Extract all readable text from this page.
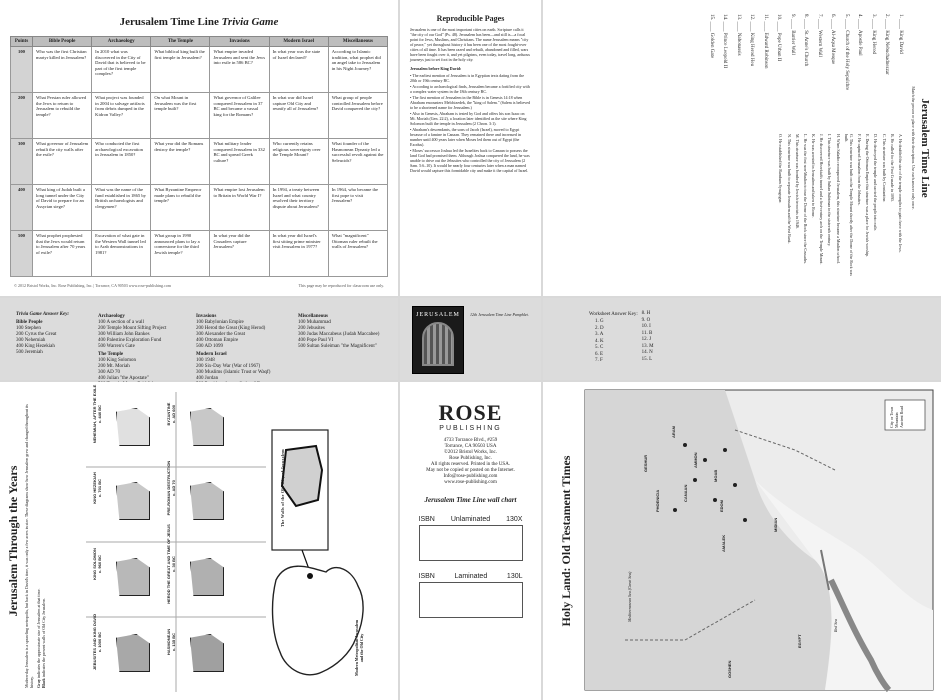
Jerusalem Time Line Trivia Game
Points	Bible People	Archaeology	The Temple	Invasions	Modern Israel	Miscellaneous
100	Who was the first Christian martyr killed in Jerusalem?	In 2010 what was discovered in the City of David that is believed to be part of the first temple complex?	What biblical king built the first temple in Jerusalem?	What empire invaded Jerusalem and sent the Jews into exile in 586 BC?	In what year was the state of Israel declared?	According to Islamic tradition, what prophet did an angel take to Jerusalem in his Night Journey?
200	What Persian ruler allowed the Jews to return to Jerusalem to rebuild the temple?	What project was founded in 2004 to salvage artifacts from debris dumped in the Kidron Valley?	On what Mount in Jerusalem was the first temple built?	What governor of Galilee conquered Jerusalem in 37 BC and became a vassal king for the Romans?	In what war did Israel capture Old City and reunify all of Jerusalem?	What group of people controlled Jerusalem before David conquered the city?
300	What governor of Jerusalem rebuilt the city walls after the exile?	Who conducted the first archaeological excavation in Jerusalem in 1850?	What year did the Romans destroy the temple?	What military leader conquered Jerusalem in 332 BC and spread Greek culture?	Who currently retains religious sovereignty over the Temple Mount?	What founder of the Hasmonean Dynasty led a successful revolt against the Seleucids?
400	What king of Judah built a long tunnel under the City of David to prepare for an Assyrian siege?	What was the name of the fund established in 1865 by British archaeologists and clergymen?	What Byzantine Emperor made plans to rebuild the temple?	What empire lost Jerusalem to Britain in World War I?	In 1994, a treaty between Israel and what country resolved their territory dispute about Jerusalem?	In 1964, who became the first pope to visit Jerusalem?
500	What prophet prophesied that the Jews would return to Jerusalem after 70 years of exile?	Excavation of what gate in the Western Wall tunnel led to Arab demonstrations in 1981?	What group in 1990 announced plans to lay a cornerstone for the third Jewish temple?	In what year did the Crusaders capture Jerusalem?	In what year did Israel's first sitting prime minister visit Jerusalem in 1977?	What "magnificent" Ottoman ruler rebuilt the walls of Jerusalem?
© 2012 Bristol Works, Inc. Rose Publishing, Inc. | Torrance, CA 90503 www.rose-publishing.com	This page may be reproduced for classroom use only.
Trivia Game Answer Key:
Bible People
100 Stephen
200 Cyrus the Great
300 Nehemiah
400 King Hezekiah
500 Jeremiah
Archaeology
100 A section of a wall
200 Temple Mount Sifting Project
300 William John Bankes
400 Palestine Exploration Fund
500 Warren's Gate
The Temple
100 King Solomon
200 Mt. Moriah
300 AD 70
400 Julian "the Apostate"
Invasions
100 Babylonian Empire
200 Herod the Great (King Herod)
300 Alexander the Great
400 Ottoman Empire
500 AD 1099
Modern Israel
100 1948
200 Six-Day War (War of 1967)
300 Muslims (Islamic Trust or Waqf)
400 Jordan
Miscellaneous
100 Muhammad
200 Jebusites
300 Judas Maccabeus (Judah Maccabee)
400 Pope Paul VI
500 Sultan Suleiman "the Magnificent"
Reproducible Pages

Jerusalem is one of the most important cities on earth. Scripture calls it "the city of our God" (Ps. 48). Jerusalem has been—and still is—a focal point for Jews, Muslims, and Christians. The name Jerusalem means "city of peace," yet throughout history it has been one of the most fought-over cities of all time. It has been razed and rebuilt, abandoned and filled, wars have been fought over it, and yet pilgrims, even today, travel long, arduous journeys just to set foot in the holy city.

Jerusalem before King David:

• The earliest mention of Jerusalem is in Egyptian texts dating from the 20th or 19th century BC.
• According to archaeological finds, Jerusalem became a fortified city with a complex water system in the 18th century BC.
• The first mention of Jerusalem in the Bible is in Genesis 14:18 when Abraham encounters Melchizedek, the "king of Salem." (Salem is believed to be a shortened name for Jerusalem.)
• Also in Genesis, Abraham is tested by God and offers his son Isaac on Mt. Moriah (Gen. 22:2), a location later identified as the site where King Solomon built the temple in Jerusalem (2 Chron. 3:1).
• Abraham's descendants, the sons of Jacob (Israel), moved to Egypt because of a famine in Canaan. They remained there and increased in number until 400 years later when Moses led them out of Egypt (the Exodus).
• Moses' successor Joshua led the Israelites back to Canaan to possess the land God had promised them. Although Joshua conquered the land, he was unable to drive out the Jebusites who controlled the city of Jerusalem (2 Sam. 5:6–10). It would be nearly four centuries later when a man named David would capture this formidable city and make it the capital of Israel.
JERUSALEM	12th Jerusalem Time Line Pamphlet.
Jerusalem Time Line

Match the person or place with their description. Use each answer only once.

1. ____ King David
2. ____ King Nebuchadnezzar
3. ____ King Herod
4. ____ Apostle Paul
5. ____ Church of the Holy Sepulchre
6. ____ Al-Aqsa Mosque
7. ____ Western Wall
8. ____ St. Anne's Church
9. ____ Barrier Wall
10. ____ Pope Urban II
11. ____ Edward Robinson
12. ____ King Herod Heu
13. ____ Nabonassis
14. ____ Prince Leopold II
15. ____ Golden Gate
A. He doubled the size of the temple complex to gain favor with the Jews.
B. He called for the First Crusade in 1095.
C. This structure was built by Constantine.
D. He destroyed the temple and carried the people into exile.
E. During the Ottoman Empire this structure was a place for Jewish worship.
F. He captured Jerusalem from the Jebusites.
G. This structure was built on the Temple Mount shortly after the Dome of the Rock was built.
H. When Saladin reconquered Jerusalem, this structure became a Muslim school.
I. This structure was built by Sultan Suleiman in the sixteenth century.
J. He discovered Hezekiah's tunnel and a first-century arch on the Temple Mount.
K. He was arrested in Jerusalem and taken to Rome.
L. He was the first non-Muslim to tour the Dome of the Rock since the Crusades.
M. This structure was bombed by Jewish terrorists in 1946.
N. This structure was built to separate Jerusalem and the West Bank.
O. He established the Rambam Synagogue.
Worksheet Answer Key:
1. G
2. D
3. A
4. K
5. C
6. E
7. F
8. H
9. O
10. I
11. B
12. J
13. M
14. N
15. L
Jerusalem Through the Years Modern-day Jerusalem is a sprawling metropolis, but back in David's time, it was only a few acres in size. These diagrams show how Jerusalem grew and changed throughout its history. Gray indicates the approximate size of Jerusalem at that time.

Black indicates the present walls of Old City Jerusalem.	JEBUSITES AND KING DAVID c. 1000 BC
KING SOLOMON c. 960 BC
KING HEZEKIAH c. 701 BC
NEHEMIAH, AFTER THE EXILE c. 440 BC
HASMONEAN c. 135 BC
HEROD THE GREAT AND TIME OF JESUS c. 30 BC
PRE-ROMAN DESTRUCTION c. AD 70
BYZANTINE c. AD 600
The Walls of the Old City of Jerusalem
Modern Metropolitan Jerusalem and the Old City
ROSE
PUBLISHING
4733 Torrance Blvd., #259
Torrance, CA 90503 USA
©2012 Bristol Works, Inc.
Rose Publishing, Inc.
All rights reserved. Printed in the USA.
May not be copied or posted on the Internet.
Info@rose-publishing.com
www.rose-publishing.com
Jerusalem Time Line wall chart
ISBN Unlaminated 130X
ISBN	Laminated	130L	Holy Land: Old Testament Times	GESHUR
ARAM
AMMON
MOAB
EDOM
CANAAN
PHOENICIA
AMALEK
MIDIAN
EGYPT
GOSHEN
Mediterranean Sea (Great Sea)
Red Sea
City or Town Mountain Ancient Road
